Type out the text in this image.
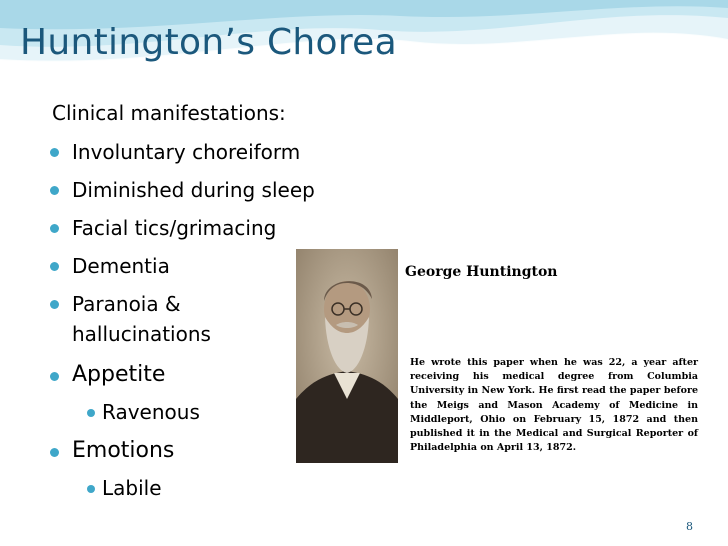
Huntington’s Chorea
Clinical manifestations:
Involuntary choreiform
Diminished during sleep
Facial tics/grimacing
Dementia
Paranoia &
hallucinations
Appetite
Ravenous
Emotions
Labile
George Huntington

He wrote this paper when he was 22, a year after receiving his medical degree from Columbia University in New York. He first read the paper before the Meigs and Mason Academy of Medicine in Middleport, Ohio on February 15, 1872 and then published it in the Medical and Surgical Reporter of Philadelphia on April 13, 1872.

8
